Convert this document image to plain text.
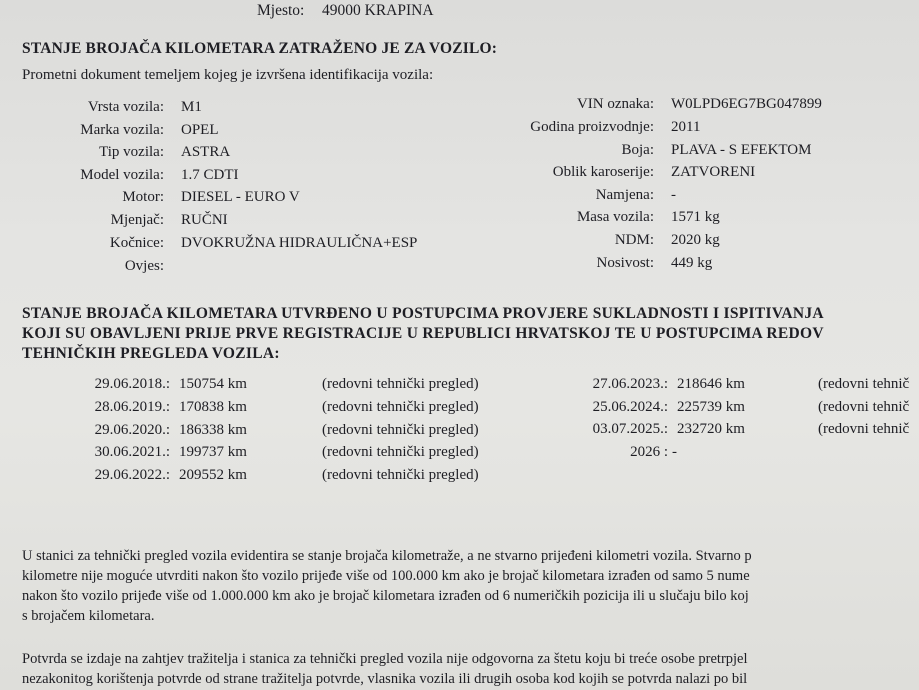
Mjesto: 49000 KRAPINA
STANJE BROJAČA KILOMETARA ZATRAŽENO JE ZA VOZILO:
Prometni dokument temeljem kojeg je izvršena identifikacija vozila:
Vrsta vozila: M1
Marka vozila: OPEL
Tip vozila: ASTRA
Model vozila: 1.7 CDTI
Motor: DIESEL - EURO V
Mjenjač: RUČNI
Kočnice: DVOKRUŽNA HIDRAULIČNA+ESP
Ovjes:
VIN oznaka: W0LPD6EG7BG047899
Godina proizvodnje: 2011
Boja: PLAVA - S EFEKTOM
Oblik karoserije: ZATVORENI
Namjena: -
Masa vozila: 1571 kg
NDM: 2020 kg
Nosivost: 449 kg
STANJE BROJAČA KILOMETARA UTVRĐENO U POSTUPCIMA PROVJERE SUKLADNOSTI I ISPITIVANJA
KOJI SU OBAVLJENI PRIJE PRVE REGISTRACIJE U REPUBLICI HRVATSKOJ TE U POSTUPCIMA REDOV
TEHNIČKIH PREGLEDA VOZILA:
29.06.2018.: 150754 km	(redovni tehnički pregled)
28.06.2019.: 170838 km	(redovni tehnički pregled)
29.06.2020.: 186338 km	(redovni tehnički pregled)
30.06.2021.: 199737 km	(redovni tehnički pregled)
29.06.2022.: 209552 km	(redovni tehnički pregled)
27.06.2023.: 218646 km	(redovni tehnič
25.06.2024.: 225739 km	(redovni tehnič
03.07.2025.: 232720 km	(redovni tehnič
2026 : -
U stanici za tehnički pregled vozila evidentira se stanje brojača kilometraže, a ne stvarno prijeđeni kilometri vozila. Stvarno p
kilometre nije moguće utvrditi nakon što vozilo prijeđe više od 100.000 km ako je brojač kilometara izrađen od samo 5 nume
nakon što vozilo prijeđe više od 1.000.000 km ako je brojač kilometara izrađen od 6 numeričkih pozicija ili u slučaju bilo koj
s brojačem kilometara.
Potvrda se izdaje na zahtjev tražitelja i stanica za tehnički pregled vozila nije odgovorna za štetu koju bi treće osobe pretrpjel
nezakonitog korištenja potvrde od strane tražitelja potvrde, vlasnika vozila ili drugih osoba kod kojih se potvrda nalazi po bil
